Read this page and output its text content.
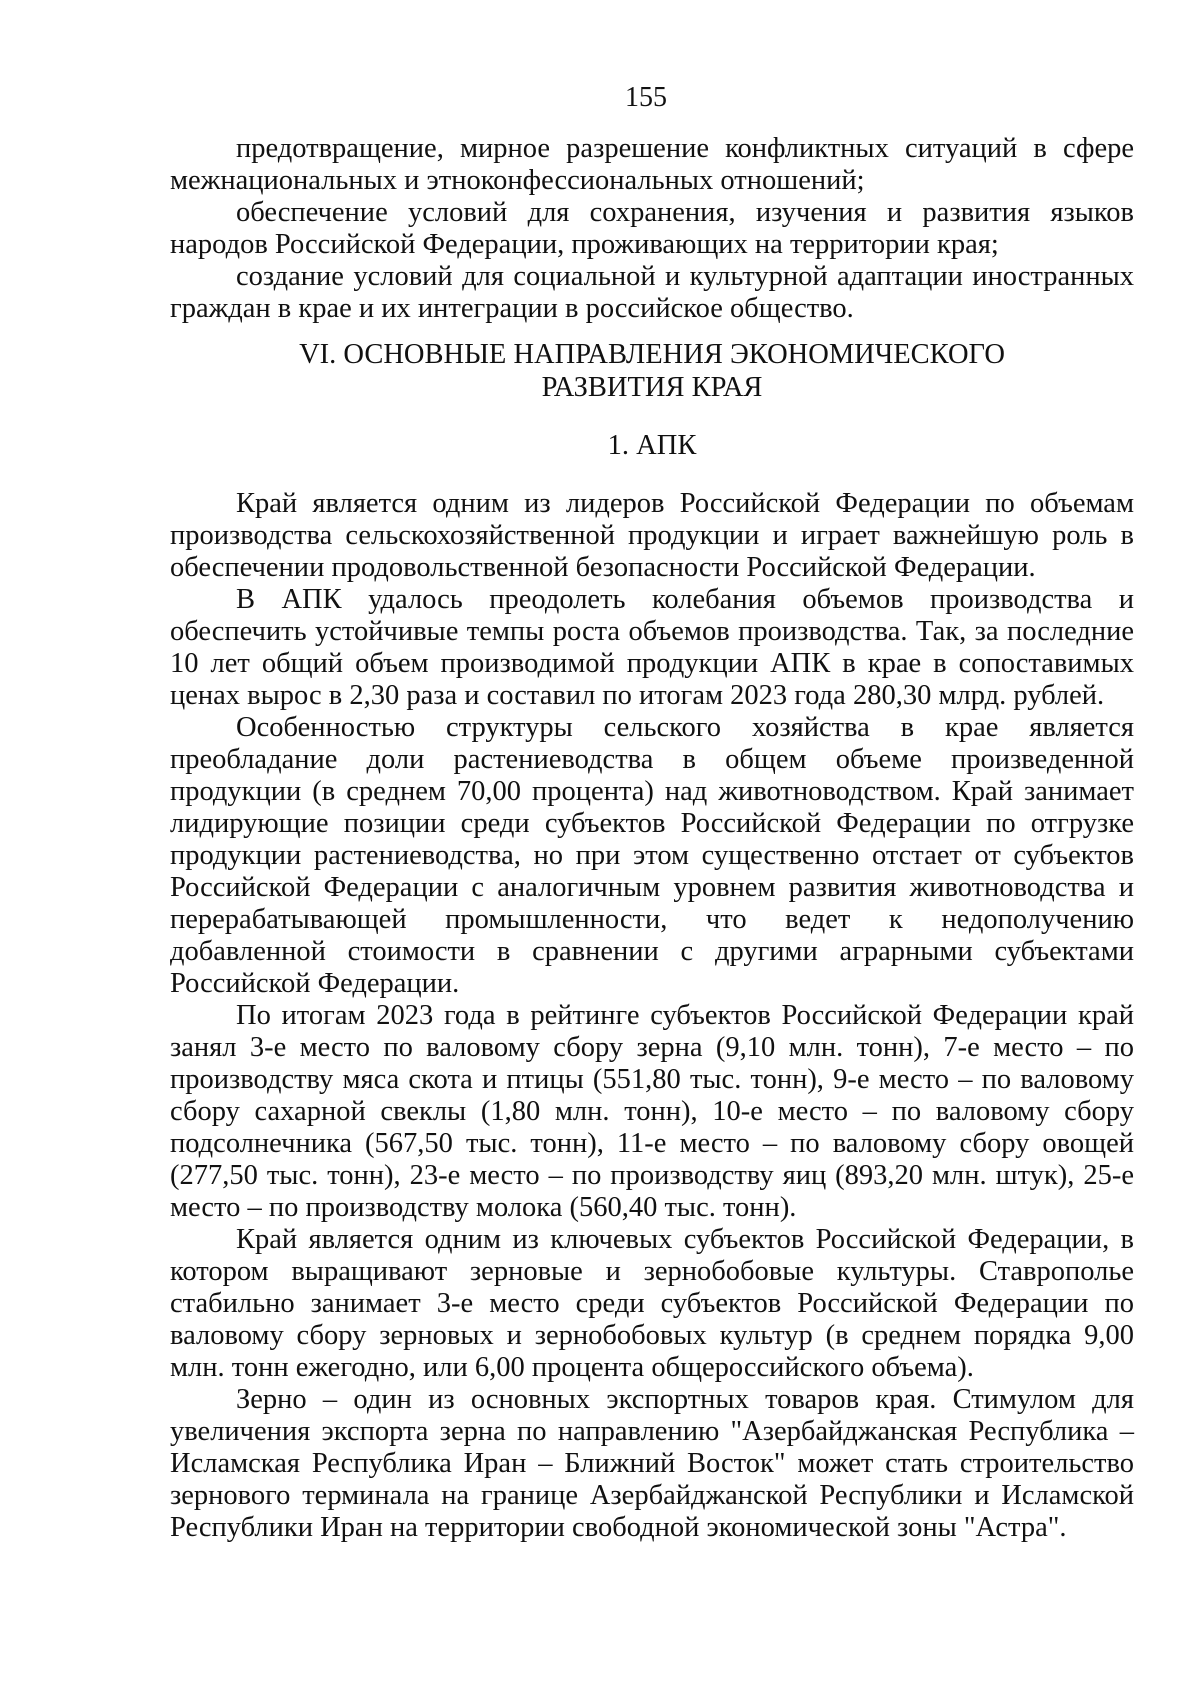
155

предотвращение, мирное разрешение конфликтных ситуаций в сфере межнациональных и этноконфессиональных отношений;

обеспечение условий для сохранения, изучения и развития языков народов Российской Федерации, проживающих на территории края;

создание условий для социальной и культурной адаптации иностранных граждан в крае и их интеграции в российское общество.

VI. ОСНОВНЫЕ НАПРАВЛЕНИЯ ЭКОНОМИЧЕСКОГО
РАЗВИТИЯ КРАЯ
1. АПК

Край является одним из лидеров Российской Федерации по объемам производства сельскохозяйственной продукции и играет важнейшую роль в обеспечении продовольственной безопасности Российской Федерации.

В АПК удалось преодолеть колебания объемов производства и обеспечить устойчивые темпы роста объемов производства. Так, за последние 10 лет общий объем производимой продукции АПК в крае в сопоставимых ценах вырос в 2,30 раза и составил по итогам 2023 года 280,30 млрд. рублей.

Особенностью структуры сельского хозяйства в крае является преобладание доли растениеводства в общем объеме произведенной продукции (в среднем 70,00 процента) над животноводством. Край занимает лидирующие позиции среди субъектов Российской Федерации по отгрузке продукции растениеводства, но при этом существенно отстает от субъектов Российской Федерации с аналогичным уровнем развития животноводства и перерабатывающей промышленности, что ведет к недополучению добавленной стоимости в сравнении с другими аграрными субъектами Российской Федерации.

По итогам 2023 года в рейтинге субъектов Российской Федерации край занял 3-е место по валовому сбору зерна (9,10 млн. тонн), 7-е место – по производству мяса скота и птицы (551,80 тыс. тонн), 9-е место – по валовому сбору сахарной свеклы (1,80 млн. тонн), 10-е место – по валовому сбору подсолнечника (567,50 тыс. тонн), 11-е место – по валовому сбору овощей (277,50 тыс. тонн), 23-е место – по производству яиц (893,20 млн. штук), 25-е место – по производству молока (560,40 тыс. тонн).

Край является одним из ключевых субъектов Российской Федерации, в котором выращивают зерновые и зернобобовые культуры. Ставрополье стабильно занимает 3-е место среди субъектов Российской Федерации по валовому сбору зерновых и зернобобовых культур (в среднем порядка 9,00 млн. тонн ежегодно, или 6,00 процента общероссийского объема).

Зерно – один из основных экспортных товаров края. Стимулом для увеличения экспорта зерна по направлению "Азербайджанская Республика – Исламская Республика Иран – Ближний Восток" может стать строительство зернового терминала на границе Азербайджанской Республики и Исламской Республики Иран на территории свободной экономической зоны "Астра".
